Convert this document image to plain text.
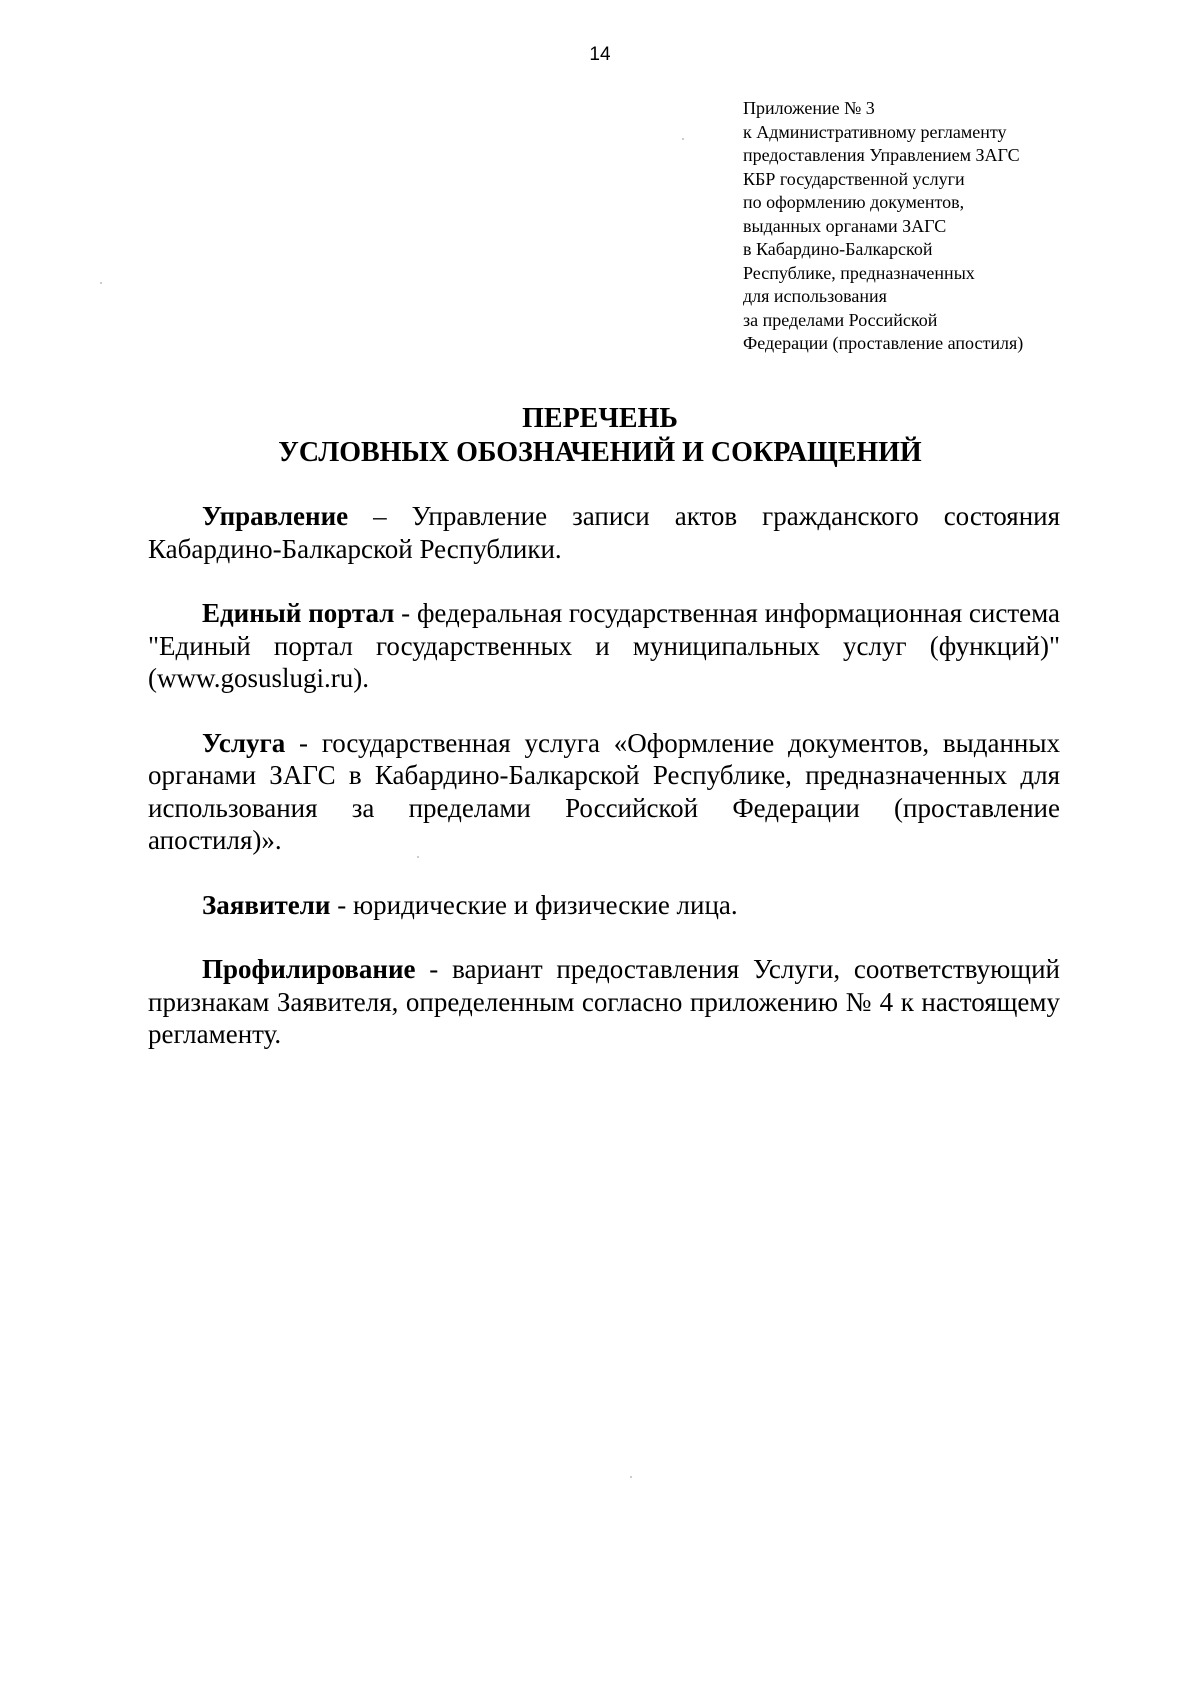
14
Приложение № 3
к Административному регламенту
предоставления Управлением ЗАГС
КБР государственной услуги
по оформлению документов,
выданных органами ЗАГС
в Кабардино-Балкарской
Республике, предназначенных
для использования
за пределами Российской
Федерации (проставление апостиля)
ПЕРЕЧЕНЬ
УСЛОВНЫХ ОБОЗНАЧЕНИЙ И СОКРАЩЕНИЙ

Управление – Управление записи актов гражданского состояния Кабардино-Балкарской Республики.

Единый портал - федеральная государственная информационная система "Единый портал государственных и муниципальных услуг (функций)" (www.gosuslugi.ru).

Услуга - государственная услуга «Оформление документов, выданных органами ЗАГС в Кабардино-Балкарской Республике, предназначенных для использования за пределами Российской Федерации (проставление апостиля)».

Заявители - юридические и физические лица.

Профилирование - вариант предоставления Услуги, соответствующий признакам Заявителя, определенным согласно приложению № 4 к настоящему регламенту.
